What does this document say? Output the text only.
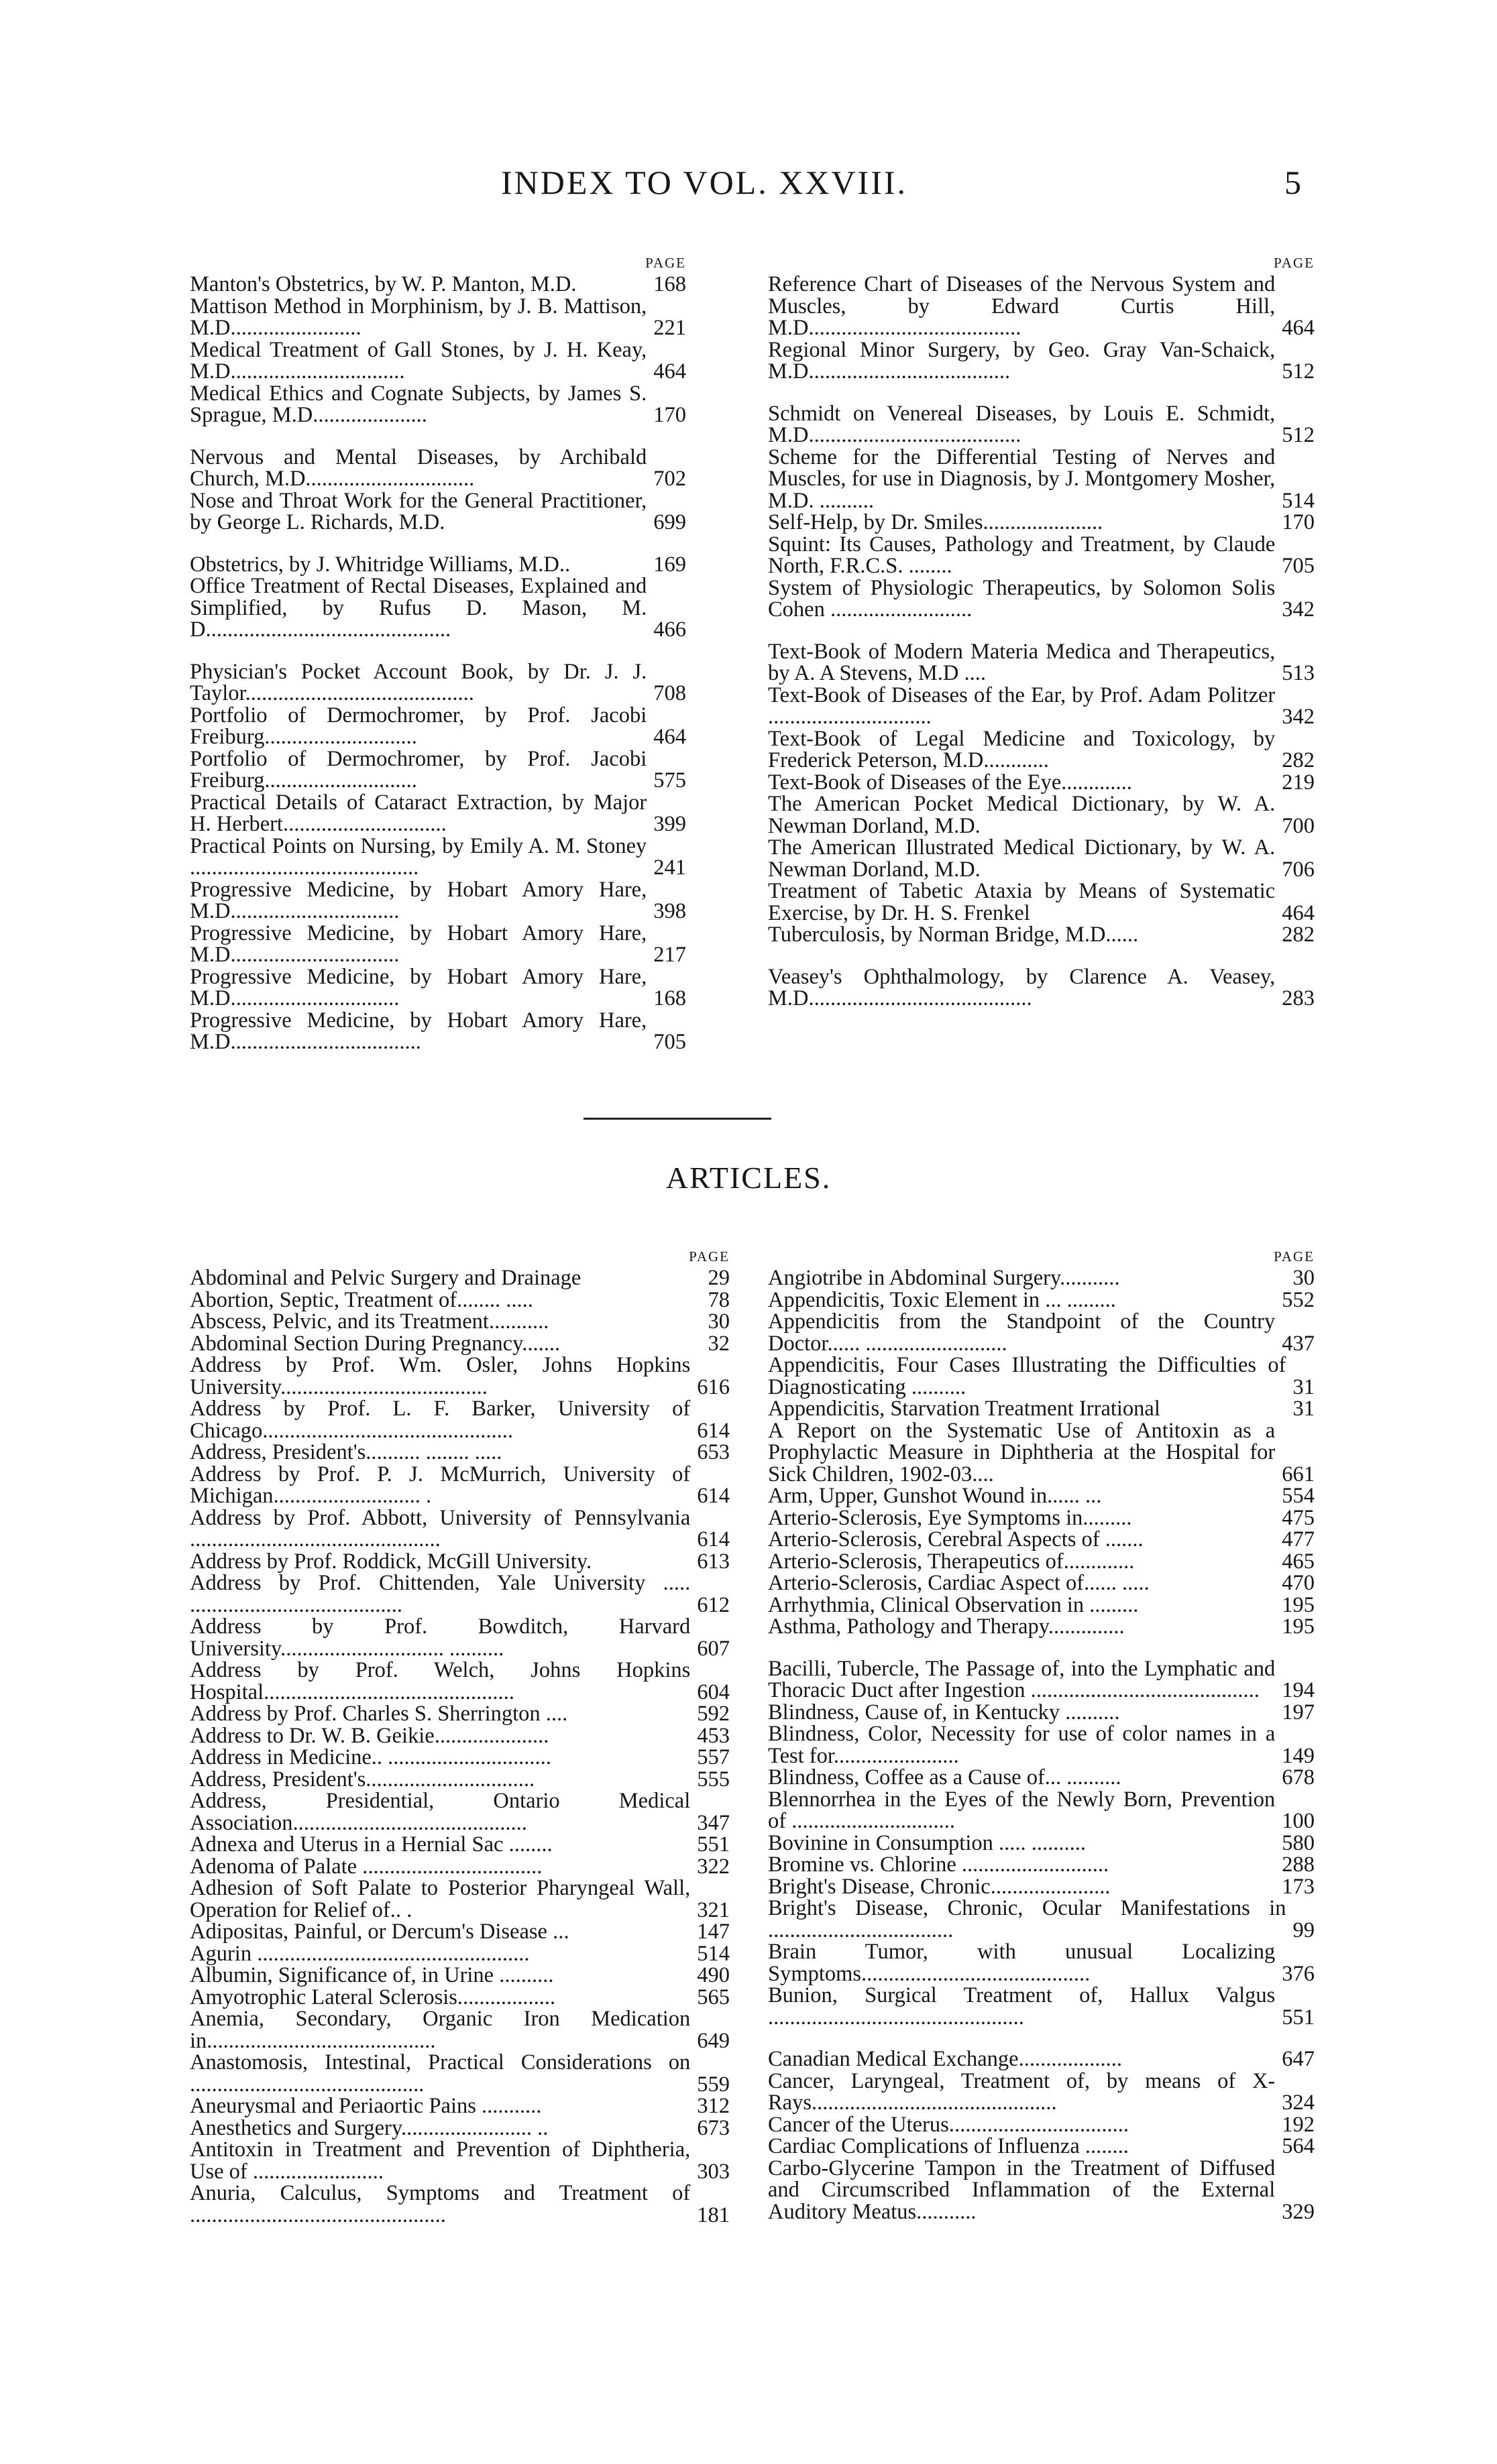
INDEX TO VOL. XXVIII.	5
PAGE
Manton's Obstetrics, by W. P. Manton, M.D.	168
Mattison Method in Morphinism, by J. B. Mattison, M.D........................	221
Medical Treatment of Gall Stones, by J. H. Keay, M.D................................	464
Medical Ethics and Cognate Subjects, by James S. Sprague, M.D.....................	170
Nervous and Mental Diseases, by Archibald Church, M.D...............................	702
Nose and Throat Work for the General Practitioner, by George L. Richards, M.D.	699
Obstetrics, by J. Whitridge Williams, M.D..	169
Office Treatment of Rectal Diseases, Explained and Simplified, by Rufus D. Mason, M. D.............................................	466
Physician's Pocket Account Book, by Dr. J. J. Taylor..........................................	708
Portfolio of Dermochromer, by Prof. Jacobi Freiburg............................	464
Portfolio of Dermochromer, by Prof. Jacobi Freiburg............................	575
Practical Details of Cataract Extraction, by Major H. Herbert..............................	399
Practical Points on Nursing, by Emily A. M. Stoney ..........................................	241
Progressive Medicine, by Hobart Amory Hare, M.D...............................	398
Progressive Medicine, by Hobart Amory Hare, M.D...............................	217
Progressive Medicine, by Hobart Amory Hare, M.D...............................	168
Progressive Medicine, by Hobart Amory Hare, M.D...................................	705
PAGE
Reference Chart of Diseases of the Nervous System and Muscles, by Edward Curtis Hill, M.D.......................................	464
Regional Minor Surgery, by Geo. Gray Van-Schaick, M.D.....................................	512
Schmidt on Venereal Diseases, by Louis E. Schmidt, M.D.......................................	512
Scheme for the Differential Testing of Nerves and Muscles, for use in Diagnosis, by J. Montgomery Mosher, M.D. ..........	514
Self-Help, by Dr. Smiles......................	170
Squint: Its Causes, Pathology and Treatment, by Claude North, F.R.C.S. ........	705
System of Physiologic Therapeutics, by Solomon Solis Cohen ..........................	342
Text-Book of Modern Materia Medica and Therapeutics, by A. A Stevens, M.D ....	513
Text-Book of Diseases of the Ear, by Prof. Adam Politzer ..............................	342
Text-Book of Legal Medicine and Toxicology, by Frederick Peterson, M.D............	282
Text-Book of Diseases of the Eye.............	219
The American Pocket Medical Dictionary, by W. A. Newman Dorland, M.D.	700
The American Illustrated Medical Dictionary, by W. A. Newman Dorland, M.D.	706
Treatment of Tabetic Ataxia by Means of Systematic Exercise, by Dr. H. S. Frenkel	464
Tuberculosis, by Norman Bridge, M.D......	282
Veasey's Ophthalmology, by Clarence A. Veasey, M.D.........................................	283
ARTICLES.
PAGE
Abdominal and Pelvic Surgery and Drainage	29
Abortion, Septic, Treatment of........ .....	78
Abscess, Pelvic, and its Treatment...........	30
Abdominal Section During Pregnancy.......	32
Address by Prof. Wm. Osler, Johns Hopkins University......................................	616
Address by Prof. L. F. Barker, University of Chicago..............................................	614
Address, President's.......... ........ .....	653
Address by Prof. P. J. McMurrich, University of Michigan........................... .	614
Address by Prof. Abbott, University of Pennsylvania ..............................................	614
Address by Prof. Roddick, McGill University.	613
Address by Prof. Chittenden, Yale University ..... .......................................	612
Address by Prof. Bowditch, Harvard University.............................. ..........	607
Address by Prof. Welch, Johns Hopkins Hospital..............................................	604
Address by Prof. Charles S. Sherrington ....	592
Address to Dr. W. B. Geikie.....................	453
Address in Medicine.. ..............................	557
Address, President's...............................	555
Address, Presidential, Ontario Medical Association...........................................	347
Adnexa and Uterus in a Hernial Sac ........	551
Adenoma of Palate .................................	322
Adhesion of Soft Palate to Posterior Pharyngeal Wall, Operation for Relief of.. .	321
Adipositas, Painful, or Dercum's Disease ...	147
Agurin ..................................................	514
Albumin, Significance of, in Urine ..........	490
Amyotrophic Lateral Sclerosis..................	565
Anemia, Secondary, Organic Iron Medication in..........................................	649
Anastomosis, Intestinal, Practical Considerations on ...........................................	559
Aneurysmal and Periaortic Pains ...........	312
Anesthetics and Surgery........................ ..	673
Antitoxin in Treatment and Prevention of Diphtheria, Use of ........................	303
Anuria, Calculus, Symptoms and Treatment of ...............................................	181
PAGE
Angiotribe in Abdominal Surgery...........	30
Appendicitis, Toxic Element in ... .........	552
Appendicitis from the Standpoint of the Country Doctor...... ..........................	437
Appendicitis, Four Cases Illustrating the Difficulties of Diagnosticating ..........	31
Appendicitis, Starvation Treatment Irrational	31
A Report on the Systematic Use of Antitoxin as a Prophylactic Measure in Diphtheria at the Hospital for Sick Children, 1902-03....	661
Arm, Upper, Gunshot Wound in...... ...	554
Arterio-Sclerosis, Eye Symptoms in.........	475
Arterio-Sclerosis, Cerebral Aspects of .......	477
Arterio-Sclerosis, Therapeutics of.............	465
Arterio-Sclerosis, Cardiac Aspect of...... .....	470
Arrhythmia, Clinical Observation in .........	195
Asthma, Pathology and Therapy..............	195
Bacilli, Tubercle, The Passage of, into the Lymphatic and Thoracic Duct after Ingestion ..........................................	194
Blindness, Cause of, in Kentucky ..........	197
Blindness, Color, Necessity for use of color names in a Test for.......................	149
Blindness, Coffee as a Cause of... ..........	678
Blennorrhea in the Eyes of the Newly Born, Prevention of ..............................	100
Bovinine in Consumption ..... ..........	580
Bromine vs. Chlorine ...........................	288
Bright's Disease, Chronic......................	173
Bright's Disease, Chronic, Ocular Manifestations in ..................................	99
Brain Tumor, with unusual Localizing Symptoms..........................................	376
Bunion, Surgical Treatment of, Hallux Valgus ...............................................	551
Canadian Medical Exchange...................	647
Cancer, Laryngeal, Treatment of, by means of X-Rays.............................................	324
Cancer of the Uterus.................................	192
Cardiac Complications of Influenza ........	564
Carbo-Glycerine Tampon in the Treatment of Diffused and Circumscribed Inflammation of the External Auditory Meatus...........	329
